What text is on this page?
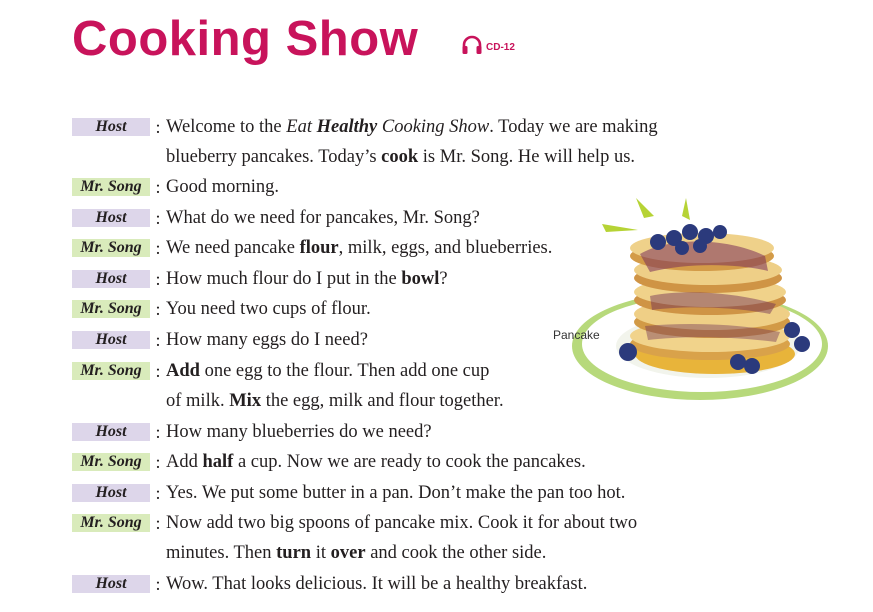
Cooking Show	CD-12
Host	: Welcome to the Eat Healthy Cooking Show. Today we are making
blueberry pancakes. Today’s cook is Mr. Song. He will help us.
Mr. Song : Good morning.
Host	: What do we need for pancakes, Mr. Song?
Mr. Song : We need pancake flour, milk, eggs, and blueberries.
Host	: How much flour do I put in the bowl?
Mr. Song : You need two cups of flour.
Host	: How many eggs do I need?
Mr. Song : Add one egg to the flour. Then add one cup
of milk. Mix the egg, milk and flour together.
Host	: How many blueberries do we need?
Mr. Song : Add half a cup. Now we are ready to cook the pancakes.
Host	: Yes. We put some butter in a pan. Don’t make the pan too hot.
Mr. Song : Now add two big spoons of pancake mix. Cook it for about two
minutes. Then turn it over and cook the other side.
Host	: Wow. That looks delicious. It will be a healthy breakfast.
Pancake
